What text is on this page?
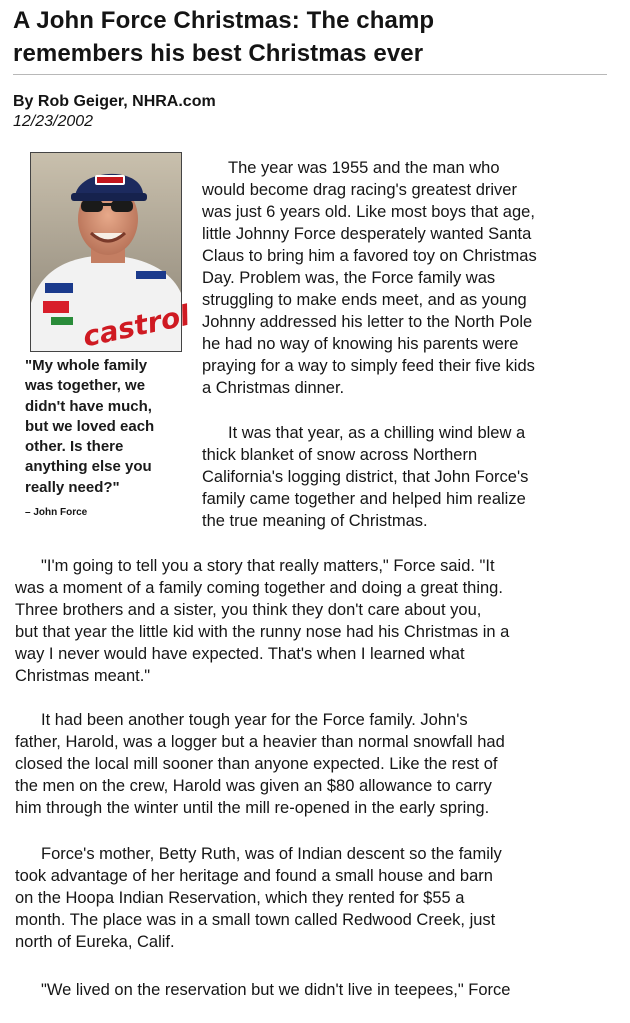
A John Force Christmas: The champ
remembers his best Christmas ever
By Rob Geiger, NHRA.com
12/23/2002
castrol
"My whole family
was together, we
didn't have much,
but we loved each
other. Is there
anything else you
really need?"
– John Force
The year was 1955 and the man who
would become drag racing's greatest driver
was just 6 years old. Like most boys that age,
little Johnny Force desperately wanted Santa
Claus to bring him a favored toy on Christmas
Day. Problem was, the Force family was
struggling to make ends meet, and as young
Johnny addressed his letter to the North Pole
he had no way of knowing his parents were
praying for a way to simply feed their five kids
a Christmas dinner.
It was that year, as a chilling wind blew a
thick blanket of snow across Northern
California's logging district, that John Force's
family came together and helped him realize
the true meaning of Christmas.
"I'm going to tell you a story that really matters," Force said. "It
was a moment of a family coming together and doing a great thing.
Three brothers and a sister, you think they don't care about you,
but that year the little kid with the runny nose had his Christmas in a
way I never would have expected. That's when I learned what
Christmas meant."
It had been another tough year for the Force family. John's
father, Harold, was a logger but a heavier than normal snowfall had
closed the local mill sooner than anyone expected. Like the rest of
the men on the crew, Harold was given an $80 allowance to carry
him through the winter until the mill re-opened in the early spring.
Force's mother, Betty Ruth, was of Indian descent so the family
took advantage of her heritage and found a small house and barn
on the Hoopa Indian Reservation, which they rented for $55 a
month. The place was in a small town called Redwood Creek, just
north of Eureka, Calif.
"We lived on the reservation but we didn't live in teepees," Force
